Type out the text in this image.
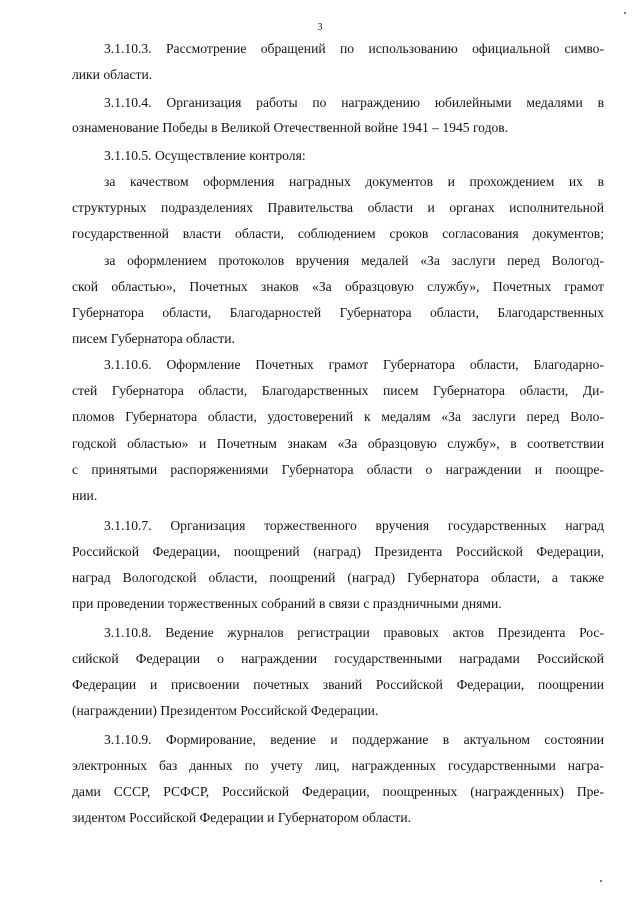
3
3.1.10.3. Рассмотрение обращений по использованию официальной симво-
лики области.
3.1.10.4. Организация работы по награждению юбилейными медалями в
ознаменование Победы в Великой Отечественной войне 1941 – 1945 годов.
3.1.10.5. Осуществление контроля:
за качеством оформления наградных документов и прохождением их в
структурных подразделениях Правительства области и органах исполнительной
государственной власти области, соблюдением сроков согласования документов;
за оформлением протоколов вручения медалей «За заслуги перед Вологод-
ской областью», Почетных знаков «За образцовую службу», Почетных грамот
Губернатора области, Благодарностей Губернатора области, Благодарственных
писем Губернатора области.
3.1.10.6. Оформление Почетных грамот Губернатора области, Благодарно-
стей Губернатора области, Благодарственных писем Губернатора области, Ди-
пломов Губернатора области, удостоверений к медалям «За заслуги перед Воло-
годской областью» и Почетным знакам «За образцовую службу», в соответствии
с принятыми распоряжениями Губернатора области о награждении и поощре-
нии.
3.1.10.7. Организация торжественного вручения государственных наград
Российской Федерации, поощрений (наград) Президента Российской Федерации,
наград Вологодской области, поощрений (наград) Губернатора области, а также
при проведении торжественных собраний в связи с праздничными днями.
3.1.10.8. Ведение журналов регистрации правовых актов Президента Рос-
сийской Федерации о награждении государственными наградами Российской
Федерации и присвоении почетных званий Российской Федерации, поощрении
(награждении) Президентом Российской Федерации.
3.1.10.9. Формирование, ведение и поддержание в актуальном состоянии
электронных баз данных по учету лиц, награжденных государственными награ-
дами СССР, РСФСР, Российской Федерации, поощренных (награжденных) Пре-
зидентом Российской Федерации и Губернатором области.
